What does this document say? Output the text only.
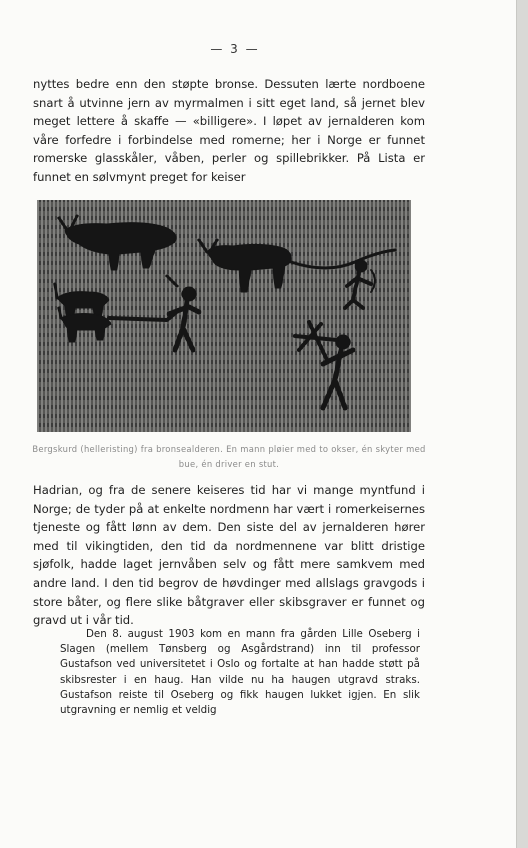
— 3 —

nyttes bedre enn den støpte bronse. Dessuten lærte nordboene snart å utvinne jern av myrmalmen i sitt eget land, så jernet blev meget lettere å skaffe — «billigere». I løpet av jernalderen kom våre forfedre i forbindelse med romerne; her i Norge er funnet romerske glasskåler, våben, perler og spillebrikker. På Lista er funnet en sølvmynt preget for keiser

Bergskurd (helleristing) fra bronsealderen. En mann pløier med to okser, én skyter med bue, én driver en stut.

Hadrian, og fra de senere keiseres tid har vi mange myntfund i Norge; de tyder på at enkelte nordmenn har vært i romerkeisernes tjeneste og fått lønn av dem. Den siste del av jernalderen hører med til vikingtiden, den tid da nordmennene var blitt dristige sjøfolk, hadde laget jernvåben selv og fått mere samkvem med andre land. I den tid begrov de høvdinger med allslags gravgods i store båter, og flere slike båtgraver eller skibsgraver er funnet og gravd ut i vår tid.

Den 8. august 1903 kom en mann fra gården Lille Oseberg i Slagen (mellem Tønsberg og Asgårdstrand) inn til professor Gustafson ved universitetet i Oslo og fortalte at han hadde støtt på skibsrester i en haug. Han vilde nu ha haugen utgravd straks. Gustafson reiste til Oseberg og fikk haugen lukket igjen. En slik utgravning er nemlig et veldig
